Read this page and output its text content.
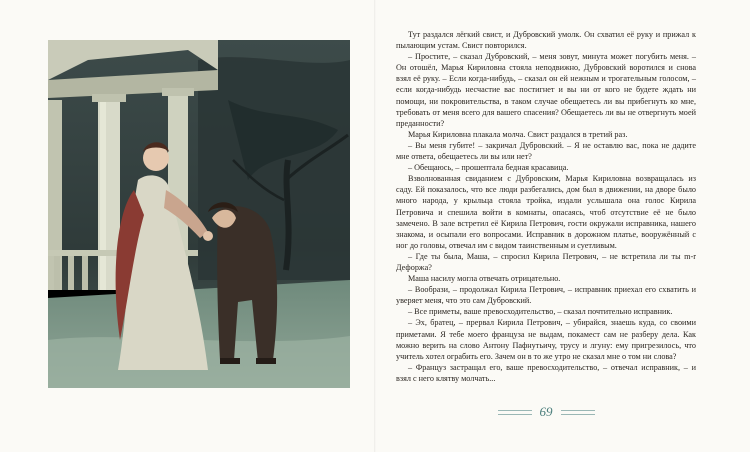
Тут раздался лёгкий свист, и Дубровский умолк. Он схватил её руку и прижал к пылающим устам. Свист повторился.

– Простите, – сказал Дубровский, – меня зовут, минута может погубить меня. – Он отошёл, Марья Кириловна стояла неподвижно, Дубровский воротился и снова взял её руку. – Если когда-нибудь, – сказал он ей нежным и трогательным голосом, – если когда-нибудь несчастие вас постигнет и вы ни от кого не будете ждать ни помощи, ни покровительства, в таком случае обещаетесь ли вы прибегнуть ко мне, требовать от меня всего для вашего спасения? Обещаетесь ли вы не отвергнуть моей преданности?

Марья Кириловна плакала молча. Свист раздался в третий раз.

– Вы меня губите! – закричал Дубровский. – Я не оставлю вас, пока не дадите мне ответа, обещаетесь ли вы или нет?

– Обещаюсь, – прошептала бедная красавица.

Взволнованная свиданием с Дубровским, Марья Кириловна возвращалась из саду. Ей показалось, что все люди разбегались, дом был в движении, на дворе было много народа, у крыльца стояла тройка, издали услышала она голос Кирила Петровича и спешила войти в комнаты, опасаясь, чтоб отсутствие её не было замечено. В зале встретил её Кирила Петрович, гости окружали исправника, нашего знакома, и осыпали его вопросами. Исправник в дорожном платье, вооружённый с ног до головы, отвечал им с видом таинственным и суетливым.

– Где ты была, Маша, – спросил Кирила Петрович, – не встретила ли ты m-r Дефоржа?

Маша насилу могла отвечать отрицательно.

– Вообрази, – продолжал Кирила Петрович, – исправник приехал его схватить и уверяет меня, что это сам Дубровский.

– Все приметы, ваше превосходительство, – сказал почтительно исправник.

– Эх, братец, – прервал Кирила Петрович, – убирайся, знаешь куда, со своими приметами. Я тебе моего француза не выдам, покамест сам не разберу дела. Как можно верить на слово Антону Пафнутьичу, трусу и лгуну: ему пригрезилось, что учитель хотел ограбить его. Зачем он в то же утро не сказал мне о том ни слова?

– Француз застращал его, ваше превосходительство, – отвечал исправник, – и взял с него клятву молчать...

69
